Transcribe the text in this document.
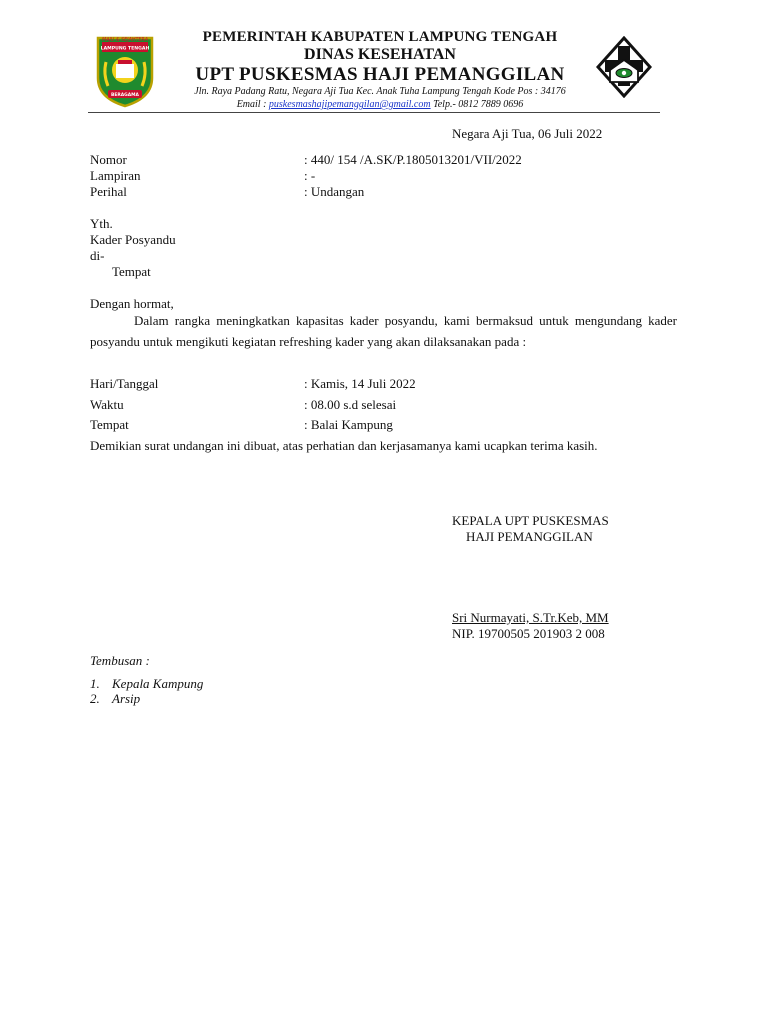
MAJU & SEJAHTERA
LAMPUNG TENGAH
BERAGAMA
PEMERINTAH KABUPATEN LAMPUNG TENGAH
DINAS KESEHATAN
UPT PUSKESMAS HAJI PEMANGGILAN
Jln. Raya Padang Ratu, Negara Aji Tua Kec. Anak Tuha Lampung Tengah Kode Pos : 34176
Email : puskesmashajipemanggilan@gmail.com Telp.- 0812 7889 0696
Negara Aji Tua, 06 Juli 2022
Nomor	: 440/ 154 /A.SK/P.1805013201/VII/2022
Lampiran	: -
Perihal	: Undangan
Yth.
Kader Posyandu
di-
Tempat
Dengan hormat,
Dalam rangka meningkatkan kapasitas kader posyandu, kami bermaksud untuk mengundang kader posyandu untuk mengikuti kegiatan refreshing kader yang akan dilaksanakan pada :
Hari/Tanggal	: Kamis, 14 Juli 2022
Waktu	: 08.00 s.d selesai
Tempat	: Balai Kampung
Demikian surat undangan ini dibuat, atas perhatian dan kerjasamanya kami ucapkan terima kasih.
KEPALA UPT PUSKESMAS
HAJI PEMANGGILAN
Sri Nurmayati, S.Tr.Keb, MM
NIP. 19700505 201903 2 008
Tembusan :
1. Kepala Kampung
2. Arsip
